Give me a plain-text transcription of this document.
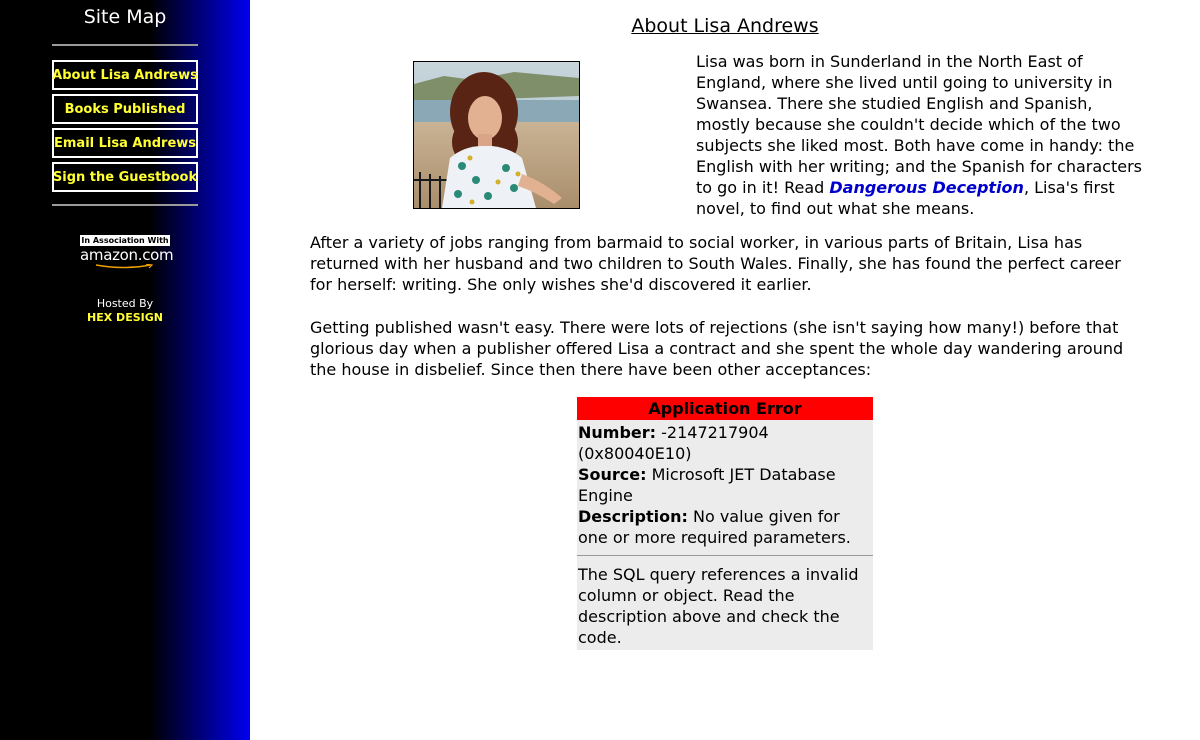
Site Map
About Lisa Andrews
Books Published
Email Lisa Andrews
Sign the Guestbook
In Association With
amazon.com
Hosted By
HEX DESIGN
About Lisa Andrews
Lisa was born in Sunderland in the North East of England, where she lived until going to university in Swansea. There she studied English and Spanish, mostly because she couldn't decide which of the two subjects she liked most. Both have come in handy: the English with her writing; and the Spanish for characters to go in it! Read Dangerous Deception, Lisa's first novel, to find out what she means.
After a variety of jobs ranging from barmaid to social worker, in various parts of Britain, Lisa has returned with her husband and two children to South Wales. Finally, she has found the perfect career for herself: writing. She only wishes she'd discovered it earlier.
Getting published wasn't easy. There were lots of rejections (she isn't saying how many!) before that glorious day when a publisher offered Lisa a contract and she spent the whole day wandering around the house in disbelief. Since then there have been other acceptances:
Application Error
Number: -2147217904 (0x80040E10)
Source: Microsoft JET Database Engine
Description: No value given for one or more required parameters.
The SQL query references a invalid column or object. Read the description above and check the code.
